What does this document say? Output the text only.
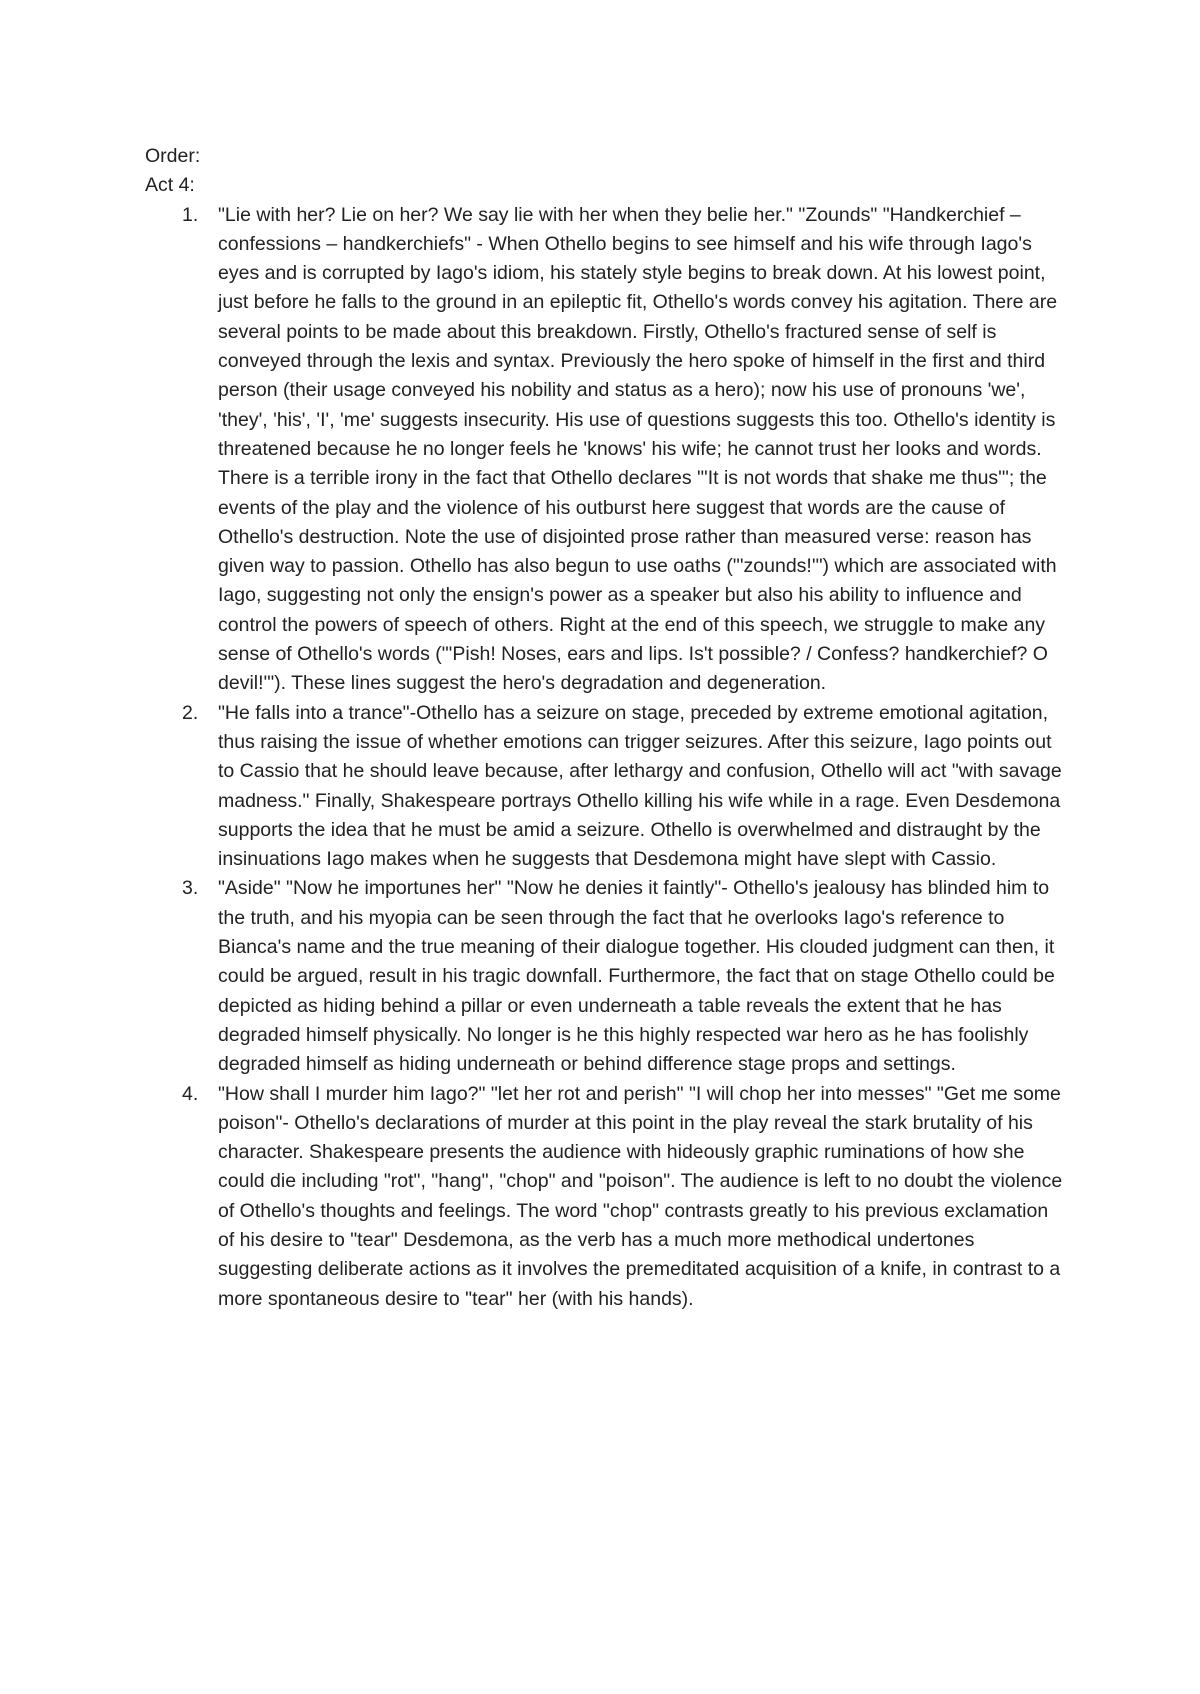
Order:

Act 4:

1. "Lie with her? Lie on her? We say lie with her when they belie her." "Zounds" "Handkerchief – confessions – handkerchiefs" - When Othello begins to see himself and his wife through Iago's eyes and is corrupted by Iago's idiom, his stately style begins to break down. At his lowest point, just before he falls to the ground in an epileptic fit, Othello's words convey his agitation. There are several points to be made about this breakdown. Firstly, Othello's fractured sense of self is conveyed through the lexis and syntax. Previously the hero spoke of himself in the first and third person (their usage conveyed his nobility and status as a hero); now his use of pronouns 'we', 'they', 'his', 'I', 'me' suggests insecurity. His use of questions suggests this too. Othello's identity is threatened because he no longer feels he 'knows' his wife; he cannot trust her looks and words. There is a terrible irony in the fact that Othello declares "'It is not words that shake me thus'"; the events of the play and the violence of his outburst here suggest that words are the cause of Othello's destruction. Note the use of disjointed prose rather than measured verse: reason has given way to passion. Othello has also begun to use oaths ("'zounds!'") which are associated with Iago, suggesting not only the ensign's power as a speaker but also his ability to influence and control the powers of speech of others. Right at the end of this speech, we struggle to make any sense of Othello's words ("'Pish! Noses, ears and lips. Is't possible? / Confess? handkerchief? O devil!'"). These lines suggest the hero's degradation and degeneration.
2. "He falls into a trance"-Othello has a seizure on stage, preceded by extreme emotional agitation, thus raising the issue of whether emotions can trigger seizures. After this seizure, Iago points out to Cassio that he should leave because, after lethargy and confusion, Othello will act "with savage madness." Finally, Shakespeare portrays Othello killing his wife while in a rage. Even Desdemona supports the idea that he must be amid a seizure. Othello is overwhelmed and distraught by the insinuations Iago makes when he suggests that Desdemona might have slept with Cassio.
3. "Aside" "Now he importunes her" "Now he denies it faintly"- Othello's jealousy has blinded him to the truth, and his myopia can be seen through the fact that he overlooks Iago's reference to Bianca's name and the true meaning of their dialogue together. His clouded judgment can then, it could be argued, result in his tragic downfall. Furthermore, the fact that on stage Othello could be depicted as hiding behind a pillar or even underneath a table reveals the extent that he has degraded himself physically. No longer is he this highly respected war hero as he has foolishly degraded himself as hiding underneath or behind difference stage props and settings.
4. "How shall I murder him Iago?" "let her rot and perish" "I will chop her into messes" "Get me some poison"- Othello's declarations of murder at this point in the play reveal the stark brutality of his character. Shakespeare presents the audience with hideously graphic ruminations of how she could die including "rot", "hang", "chop" and "poison". The audience is left to no doubt the violence of Othello's thoughts and feelings. The word "chop" contrasts greatly to his previous exclamation of his desire to "tear" Desdemona, as the verb has a much more methodical undertones suggesting deliberate actions as it involves the premeditated acquisition of a knife, in contrast to a more spontaneous desire to "tear" her (with his hands).
